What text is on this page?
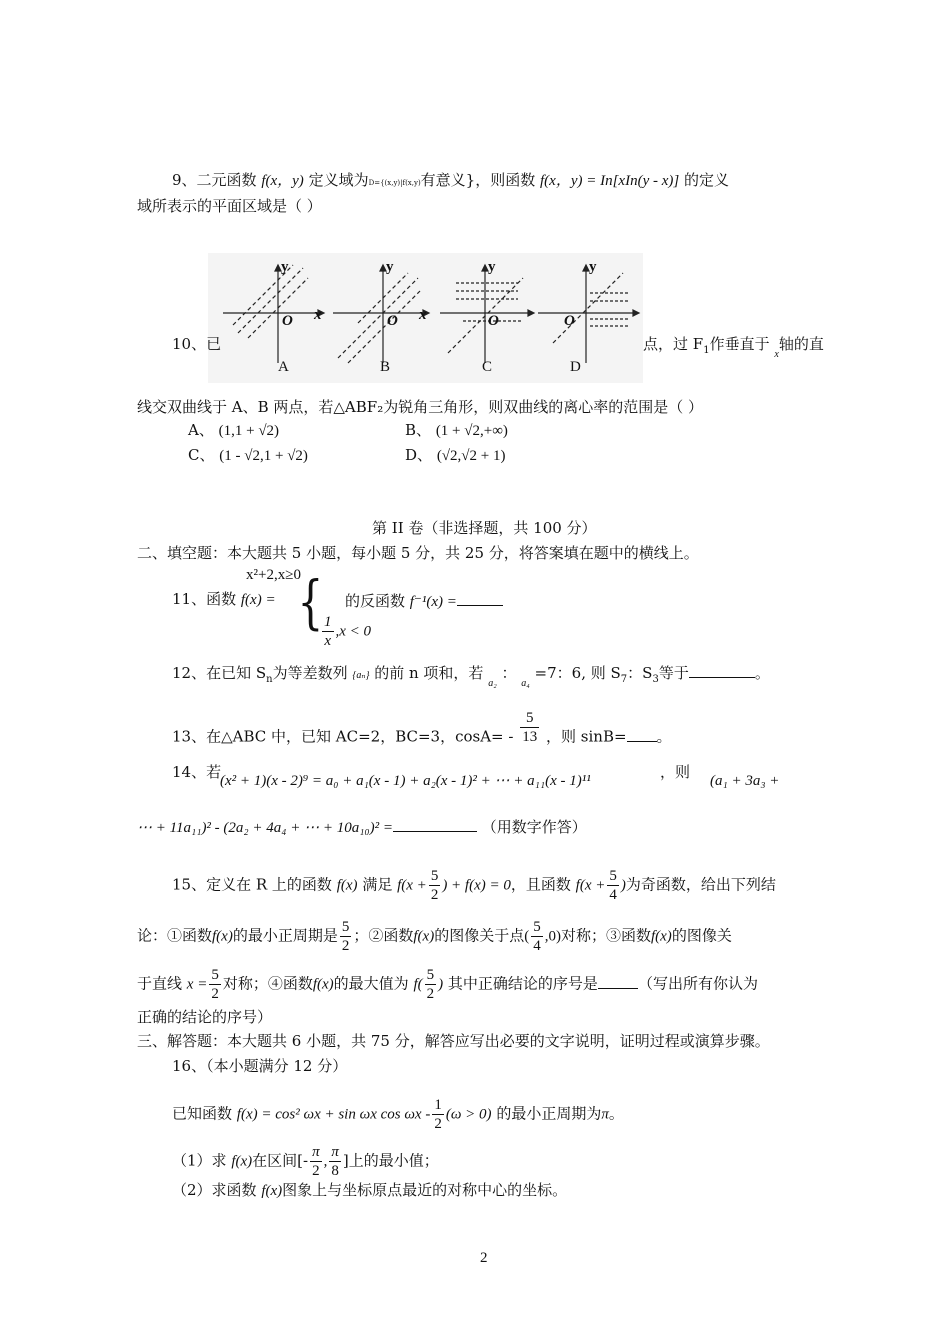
9、二元函数 f(x，y) 定义域为D={(x,y)|f(x,y)有意义}，则函数 f(x，y) = In[xIn(y - x)] 的定义
域所表示的平面区域是（ ）
O
y
x	O
y
x	O
y
O
y
A	B	C	D
10、已	点，过 $F_1$作垂直于 $_x$轴的直
线交双曲线于 A、B 两点，若△ABF₂为锐角三角形，则双曲线的离心率的范围是（ ）
A、 (1,1 + √2)	B、 (1 + √2,+∞)
C、 (1 - √2,1 + √2)	D、 (√2,√2 + 1)
第 II 卷（非选择题，共 100 分）
二、填空题：本大题共 5 小题，每小题 5 分，共 25 分，将答案填在题中的横线上。
x²+2,x≥0
{
11、函数 f(x) =	的反函数 f⁻¹(x) =
$\frac{1}{x} ,x < 0$
12、在已知 $S_n$为等差数列 {aₙ} 的前 n 项和，若 $_{a_2}$ ： $_{a_4}$ =7：6, 则 $S_7$：$S_3$等于	。
13、在△ABC 中，已知 AC=2，BC=3，$\cos A= - \frac{5}{13}$ ，则 sinB= 。
14、若
(x² + 1)(x - 2)⁹ = a₀ + a₁(x - 1) + a₂(x - 1)² + ⋯ + a₁₁(x - 1)¹¹	，则 (a₁ + 3a₃ +
⋯ + 11a₁₁)² - (2a₂ + 4a₄ + ⋯ + 10a₁₀)² =	（用数字作答）
15、定义在 R 上的函数 f(x) 满足 $f(x + \frac{5}{2}$ ) + f(x) = 0，且函数 $f(x + \frac{5}{4}$ )为奇函数，给出下列结
论：①函数f(x)的最小正周期是 $\frac{5}{2}$ ；②函数f(x)的图像关于点( $\frac{5}{4} ,0$)对称；③函数f(x)的图像关
于直线 $x = \frac{5}{2}$ 对称；④函数f(x)的最大值为 $f( \frac{5}{2}$ ) 其中正确结论的序号是	（写出所有你认为
正确的结论的序号）
三、解答题：本大题共 6 小题，共 75 分，解答应写出必要的文字说明，证明过程或演算步骤。
16、（本小题满分 12 分）
已知函数 f(x) = cos² ωx + sin ωx $\cos \omega x - \frac{1}{2} (\omega > 0)$ 的最小正周期为π。
（1）求 f(x)在区间[- $\frac{\pi}{2}$ , $\frac{\pi}{8}$ ]上的最小值；
（2）求函数 f(x)图象上与坐标原点最近的对称中心的坐标。
2
